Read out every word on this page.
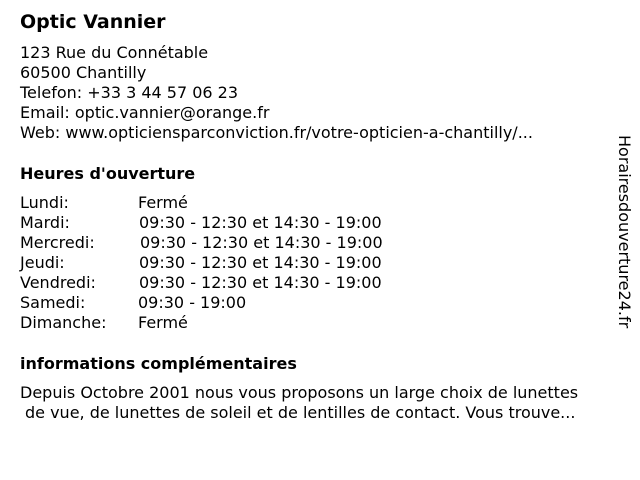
Optic Vannier
123 Rue du Connétable
60500 Chantilly
Telefon: +33 3 44 57 06 23
Email: optic.vannier@orange.fr
Web: www.opticiensparconviction.fr/votre-opticien-a-chantilly/...
Heures d'ouverture
Lundi:	Fermé
Mardi:	09:30 - 12:30 et 14:30 - 19:00
Mercredi:	09:30 - 12:30 et 14:30 - 19:00
Jeudi:	09:30 - 12:30 et 14:30 - 19:00
Vendredi:	09:30 - 12:30 et 14:30 - 19:00
Samedi:	09:30 - 19:00
Dimanche: Fermé
informations complémentaires
Depuis Octobre 2001 nous vous proposons un large choix de lunettes
de vue, de lunettes de soleil et de lentilles de contact. Vous trouve...
Horairesdouverture24.fr
